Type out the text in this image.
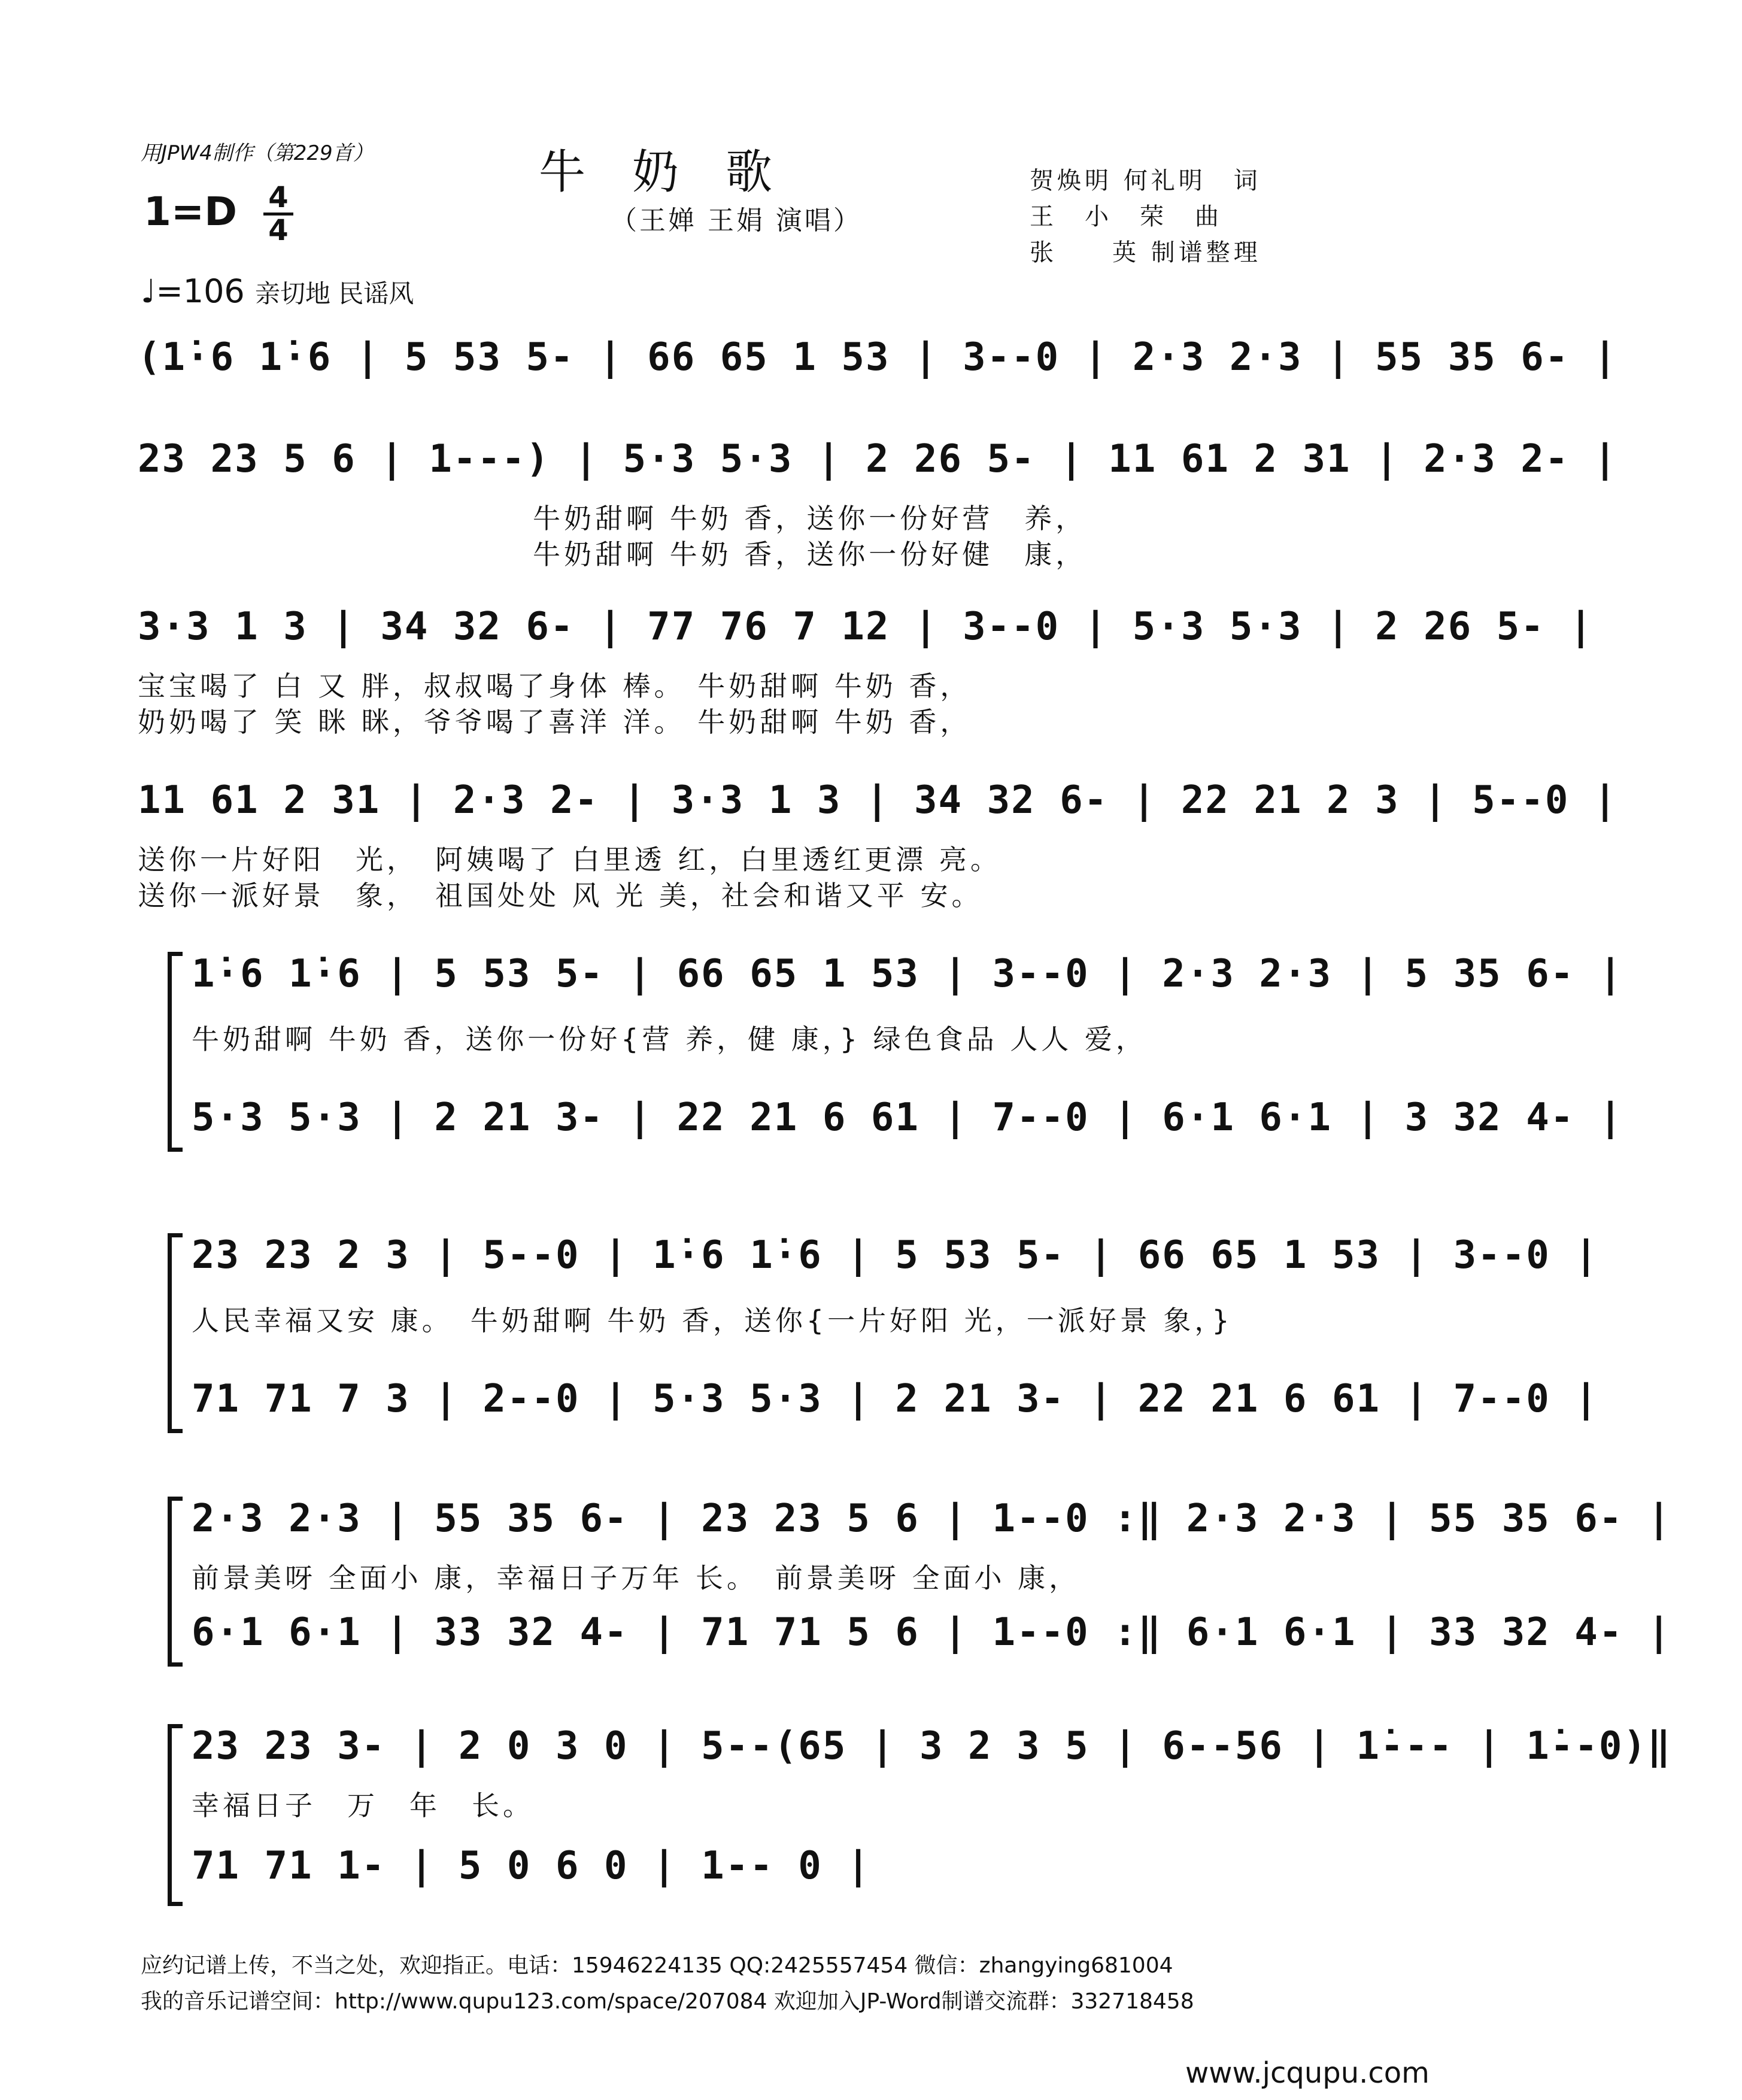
用JPW4制作（第229首）	牛奶歌
（王婵 王娟 演唱）
1=D 4
4
贺焕明 何礼明　词
王　小　荣　曲
张　　英 制谱整理
♩=106 亲切地 民谣风
(1̇·6 1̇·6 | 5 53 5- | 66 65 1 53 | 3--0 | 2·3 2·3 | 55 35 6- |
23 23 5 6 | 1---) | 5·3 5·3 | 2 26 5- | 11 61 2 31 | 2·3 2- |
牛奶甜啊 牛奶 香，送你一份好营　养，
牛奶甜啊 牛奶 香，送你一份好健　康，
3·3 1 3 | 34 32 6- | 77 76 7 12 | 3--0 | 5·3 5·3 | 2 26 5- |
宝宝喝了 白 又 胖，叔叔喝了身体 棒。 牛奶甜啊 牛奶 香，
奶奶喝了 笑 眯 眯，爷爷喝了喜洋 洋。 牛奶甜啊 牛奶 香，
11 61 2 31 | 2·3 2- | 3·3 1 3 | 34 32 6- | 22 21 2 3 | 5--0 |
送你一片好阳　光，　阿姨喝了 白里透 红，白里透红更漂 亮。
送你一派好景　象，　祖国处处 风 光 美，社会和谐又平 安。
1̇·6 1̇·6 | 5 53 5- | 66 65 1 53 | 3--0 | 2·3 2·3 | 5 35 6- |
牛奶甜啊 牛奶 香，送你一份好{营 养，健 康，} 绿色食品 人人 爱，
5·3 5·3 | 2 21 3- | 22 21 6 61 | 7--0 | 6·1 6·1 | 3 32 4- |
23 23 2 3 | 5--0 | 1̇·6 1̇·6 | 5 53 5- | 66 65 1 53 | 3--0 |
人民幸福又安 康。　牛奶甜啊 牛奶 香，送你{一片好阳 光，一派好景 象，}
71 71 7 3 | 2--0 | 5·3 5·3 | 2 21 3- | 22 21 6 61 | 7--0 |
2·3 2·3 | 55 35 6- | 23 23 5 6 | 1--0 :‖ 2·3 2·3 | 55 35 6- |
前景美呀 全面小 康，幸福日子万年 长。　前景美呀 全面小 康，
6·1 6·1 | 33 32 4- | 71 71 5 6 | 1--0 :‖ 6·1 6·1 | 33 32 4- |
23 23 3- | 2 0 3 0 | 5--(65 | 3 2 3 5 | 6--56 | 1̇--- | 1̇--0)‖
幸福日子　万　年　长。
71 71 1- | 5 0 6 0 | 1-- 0 |
应约记谱上传，不当之处，欢迎指正。电话：15946224135 QQ:2425557454 微信：zhangying681004
我的音乐记谱空间：http://www.qupu123.com/space/207084 欢迎加入JP-Word制谱交流群：332718458
www.jcqupu.com
